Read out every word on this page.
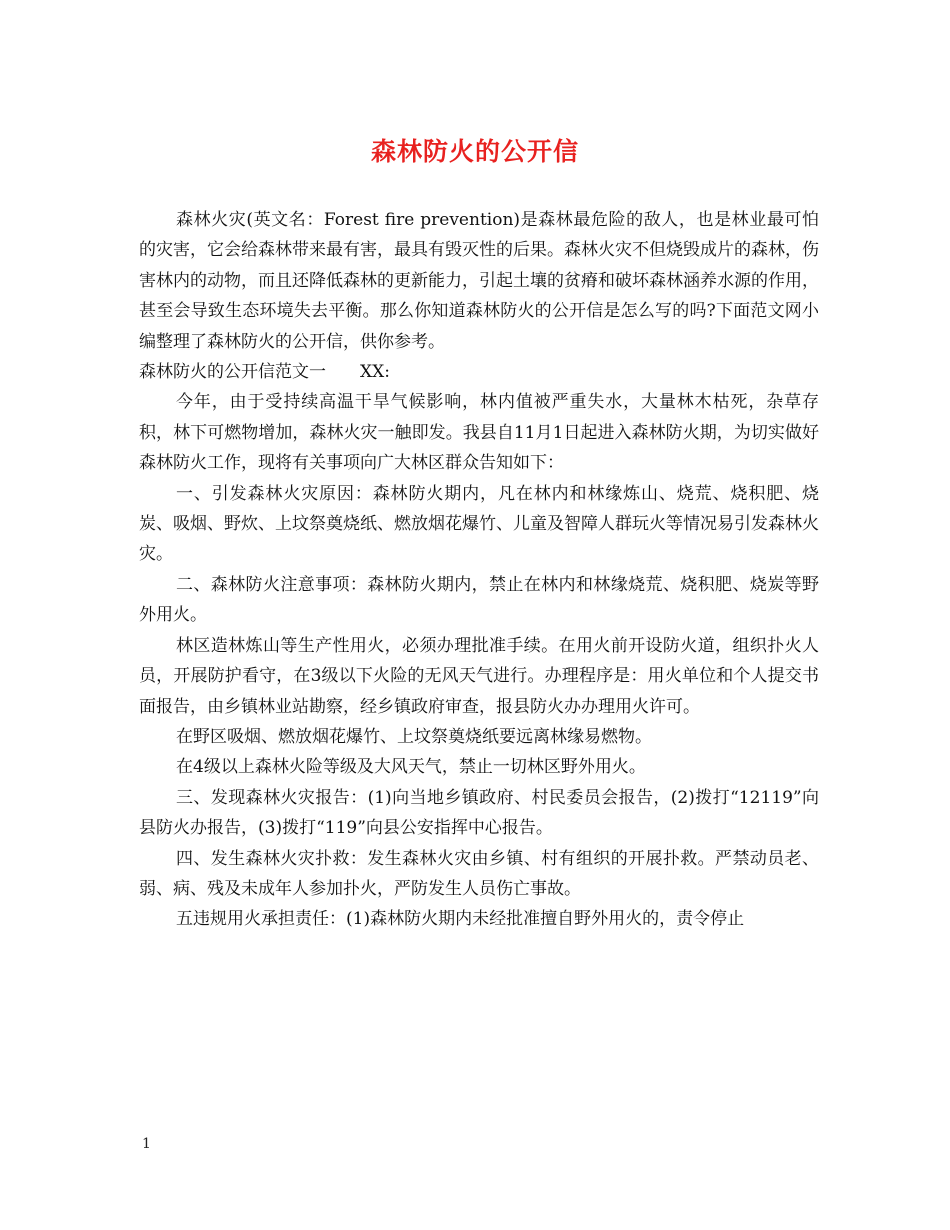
森林防火的公开信

森林火灾(英文名：Forest fire prevention)是森林最危险的敌人，也是林业最可怕的灾害，它会给森林带来最有害，最具有毁灭性的后果。森林火灾不但烧毁成片的森林，伤害林内的动物，而且还降低森林的更新能力，引起土壤的贫瘠和破坏森林涵养水源的作用，甚至会导致生态环境失去平衡。那么你知道森林防火的公开信是怎么写的吗?下面范文网小编整理了森林防火的公开信，供你参考。

森林防火的公开信范文一　　XX:

今年，由于受持续高温干旱气候影响，林内值被严重失水，大量林木枯死，杂草存积，林下可燃物增加，森林火灾一触即发。我县自11月1日起进入森林防火期，为切实做好森林防火工作，现将有关事项向广大林区群众告知如下：

一、引发森林火灾原因：森林防火期内，凡在林内和林缘炼山、烧荒、烧积肥、烧炭、吸烟、野炊、上坟祭奠烧纸、燃放烟花爆竹、儿童及智障人群玩火等情况易引发森林火灾。

二、森林防火注意事项：森林防火期内，禁止在林内和林缘烧荒、烧积肥、烧炭等野外用火。

林区造林炼山等生产性用火，必须办理批准手续。在用火前开设防火道，组织扑火人员，开展防护看守，在3级以下火险的无风天气进行。办理程序是：用火单位和个人提交书面报告，由乡镇林业站勘察，经乡镇政府审查，报县防火办办理用火许可。

在野区吸烟、燃放烟花爆竹、上坟祭奠烧纸要远离林缘易燃物。

在4级以上森林火险等级及大风天气，禁止一切林区野外用火。

三、发现森林火灾报告：(1)向当地乡镇政府、村民委员会报告，(2)拨打“12119”向县防火办报告，(3)拨打“119”向县公安指挥中心报告。

四、发生森林火灾扑救：发生森林火灾由乡镇、村有组织的开展扑救。严禁动员老、弱、病、残及未成年人参加扑火，严防发生人员伤亡事故。

五违规用火承担责任：(1)森林防火期内未经批准擅自野外用火的，责令停止

1
